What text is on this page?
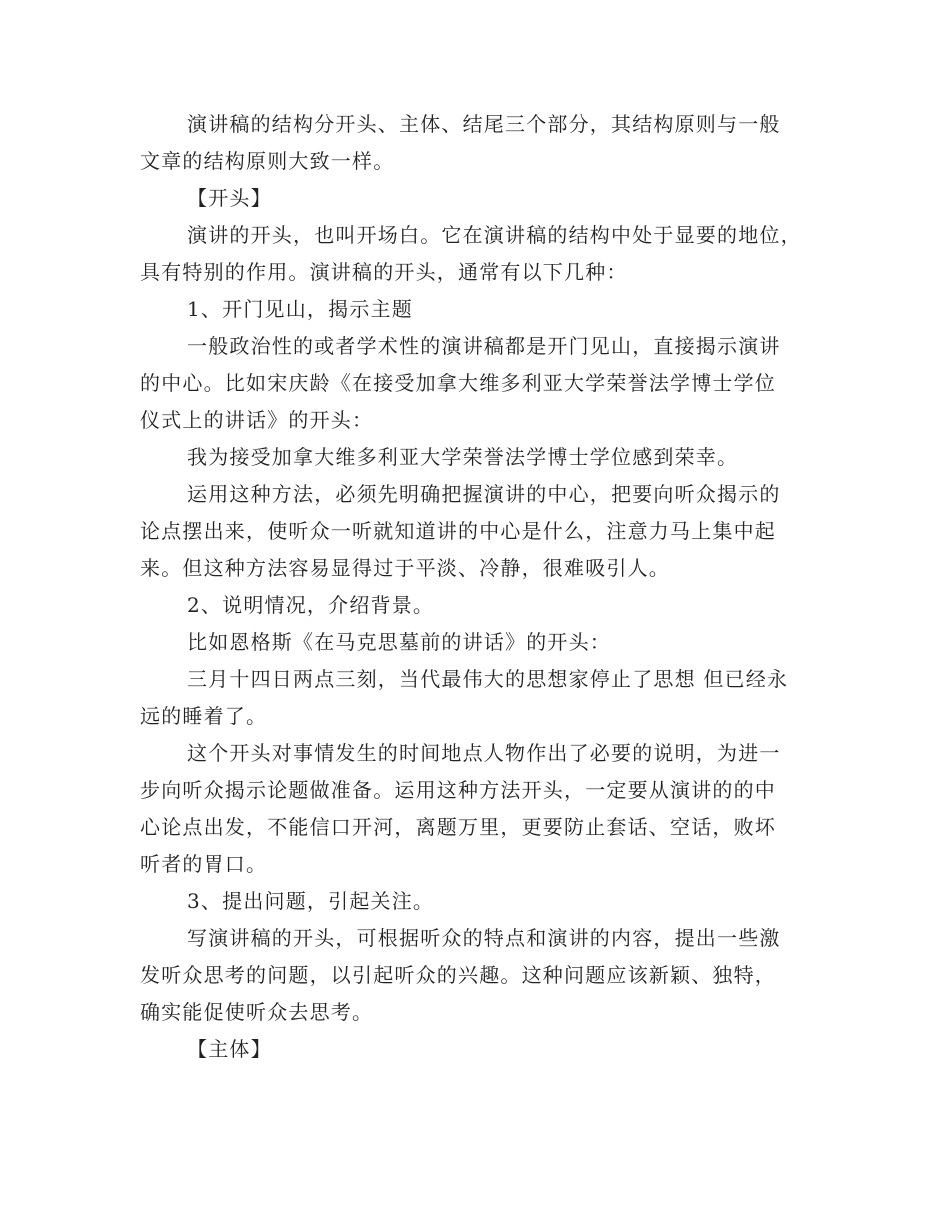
演讲稿的结构分开头、主体、结尾三个部分，其结构原则与一般
文章的结构原则大致一样。

【开头】

演讲的开头，也叫开场白。它在演讲稿的结构中处于显要的地位，
具有特别的作用。演讲稿的开头，通常有以下几种：

1、开门见山，揭示主题

一般政治性的或者学术性的演讲稿都是开门见山，直接揭示演讲
的中心。比如宋庆龄《在接受加拿大维多利亚大学荣誉法学博士学位
仪式上的讲话》的开头：

我为接受加拿大维多利亚大学荣誉法学博士学位感到荣幸。

运用这种方法，必须先明确把握演讲的中心，把要向听众揭示的
论点摆出来，使听众一听就知道讲的中心是什么，注意力马上集中起
来。但这种方法容易显得过于平淡、冷静，很难吸引人。

2、说明情况，介绍背景。

比如恩格斯《在马克思墓前的讲话》的开头：

三月十四日两点三刻，当代最伟大的思想家停止了思想 但已经永
远的睡着了。

这个开头对事情发生的时间地点人物作出了必要的说明，为进一
步向听众揭示论题做准备。运用这种方法开头，一定要从演讲的的中
心论点出发，不能信口开河，离题万里，更要防止套话、空话，败坏
听者的胃口。

3、提出问题，引起关注。

写演讲稿的开头，可根据听众的特点和演讲的内容，提出一些激
发听众思考的问题，以引起听众的兴趣。这种问题应该新颖、独特，
确实能促使听众去思考。

【主体】
